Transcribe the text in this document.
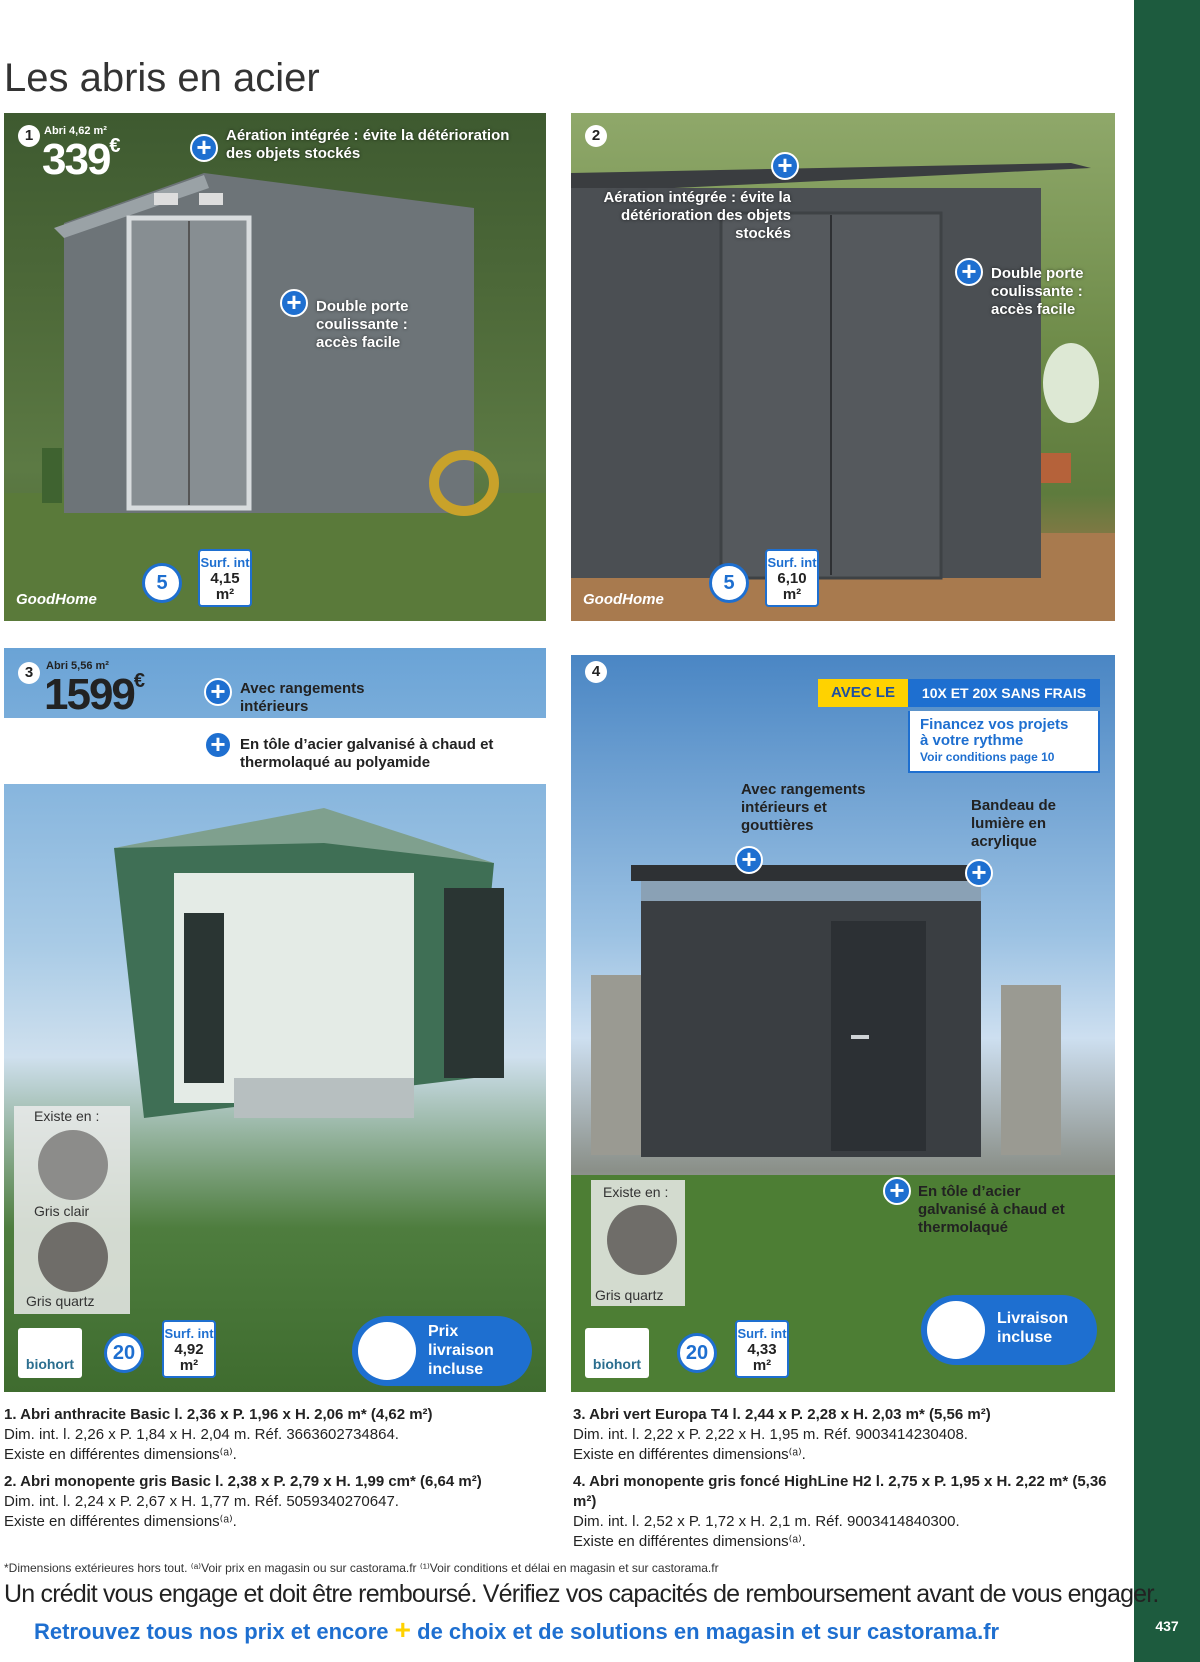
437
Les abris en acier
1 Abri 4,62 m²
339€	+ Aération intégrée : évite la détérioration des objets stockés
+ Double porte coulissante : accès facile
GoodHome
5
Surf. int
4,15
m²
2
+
Aération intégrée : évite la détérioration des objets stockés
+ Double porte coulissante : accès facile
GoodHome
5
Surf. int
6,10
m²
3	Abri 5,56 m²
1599€	+ Avec rangements intérieurs
+ En tôle d’acier galvanisé à chaud et thermolaqué au polyamide
Existe en :
Gris clair
Gris quartz
biohort	20
Surf. int
4,92
m²
Prix livraison incluse
4
Avec rangements intérieurs et gouttières
+
Bandeau de lumière en acrylique
+
+ En tôle d’acier galvanisé à chaud et thermolaqué
Existe en :
Gris quartz
biohort	20
Surf. int
4,33
m²
Livraison incluse
AVEC LE	10X ET 20X SANS FRAIS
Financez vos projets
à votre rythme
Voir conditions page 10
1. Abri anthracite Basic l. 2,36 x P. 1,96 x H. 2,06 m* (4,62 m²)
Dim. int. l. 2,26 x P. 1,84 x H. 2,04 m. Réf. 3663602734864.
Existe en différentes dimensions⁽ᵃ⁾.
2. Abri monopente gris Basic l. 2,38 x P. 2,79 x H. 1,99 cm* (6,64 m²)
Dim. int. l. 2,24 x P. 2,67 x H. 1,77 m. Réf. 5059340270647.
Existe en différentes dimensions⁽ᵃ⁾.
3. Abri vert Europa T4 l. 2,44 x P. 2,28 x H. 2,03 m* (5,56 m²)
Dim. int. l. 2,22 x P. 2,22 x H. 1,95 m. Réf. 9003414230408.
Existe en différentes dimensions⁽ᵃ⁾.
4. Abri monopente gris foncé HighLine H2 l. 2,75 x P. 1,95 x H. 2,22 m* (5,36 m²)
Dim. int. l. 2,52 x P. 1,72 x H. 2,1 m. Réf. 9003414840300.
Existe en différentes dimensions⁽ᵃ⁾.
*Dimensions extérieures hors tout. ⁽ᵃ⁾Voir prix en magasin ou sur castorama.fr ⁽¹⁾Voir conditions et délai en magasin et sur castorama.fr
Un crédit vous engage et doit être remboursé. Vérifiez vos capacités de remboursement avant de vous engager.
Retrouvez tous nos prix et encore + de choix et de solutions en magasin et sur castorama.fr
